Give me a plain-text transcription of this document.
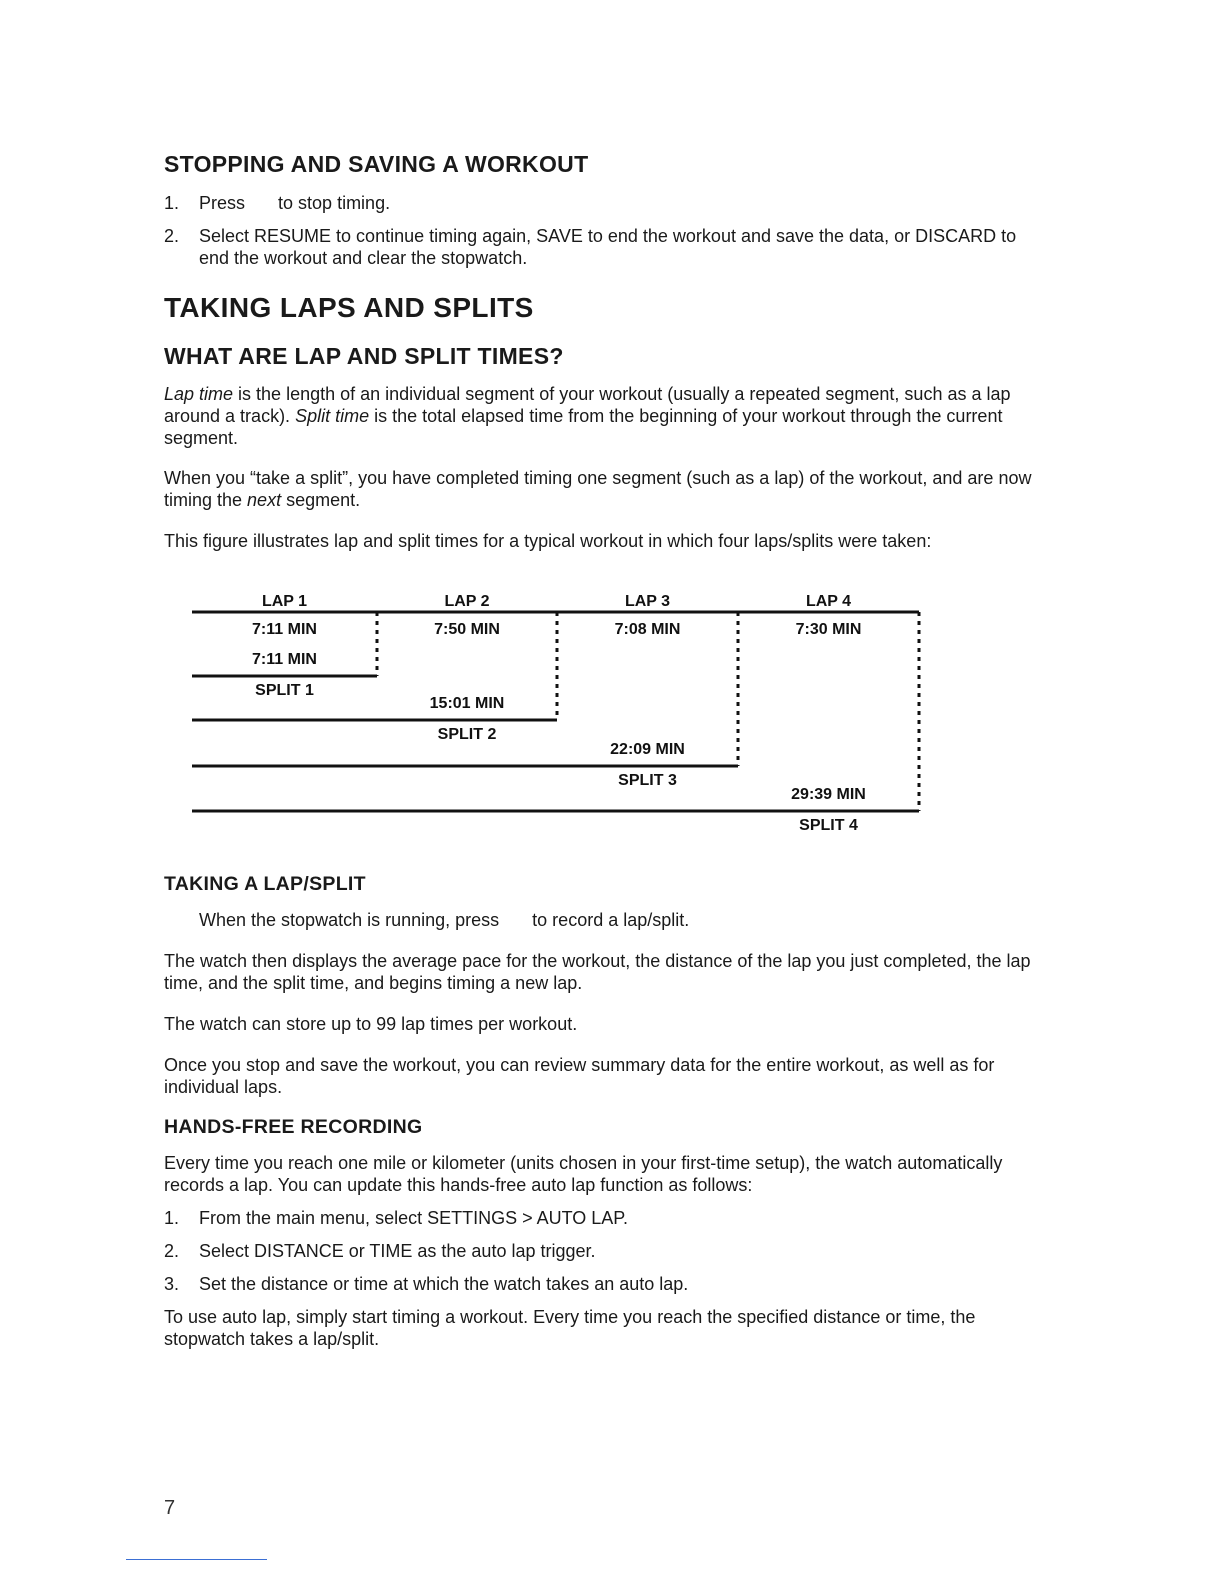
STOPPING AND SAVING A WORKOUT
1. Press to stop timing.
2. Select RESUME to continue timing again, SAVE to end the workout and save the data, or DISCARD to end the workout and clear the stopwatch.
TAKING LAPS AND SPLITS
WHAT ARE LAP AND SPLIT TIMES?

Lap time is the length of an individual segment of your workout (usually a repeated segment, such as a lap around a track). Split time is the total elapsed time from the beginning of your workout through the current segment.

When you “take a split”, you have completed timing one segment (such as a lap) of the workout, and are now timing the next segment.

This figure illustrates lap and split times for a typical workout in which four laps/splits were taken:

LAP 1
7:11 MIN
LAP 2
7:50 MIN
LAP 3
7:08 MIN
LAP 4
7:30 MIN
7:11 MIN
SPLIT 1
15:01 MIN
SPLIT 2
22:09 MIN
SPLIT 3
29:39 MIN
SPLIT 4
TAKING A LAP/SPLIT

When the stopwatch is running, press to record a lap/split.

The watch then displays the average pace for the workout, the distance of the lap you just completed, the lap time, and the split time, and begins timing a new lap.

The watch can store up to 99 lap times per workout.

Once you stop and save the workout, you can review summary data for the entire workout, as well as for individual laps.

HANDS-FREE RECORDING

Every time you reach one mile or kilometer (units chosen in your first-time setup), the watch automatically records a lap. You can update this hands-free auto lap function as follows:

1. From the main menu, select SETTINGS > AUTO LAP.
2. Select DISTANCE or TIME as the auto lap trigger.
3. Set the distance or time at which the watch takes an auto lap.

To use auto lap, simply start timing a workout. Every time you reach the specified distance or time, the stopwatch takes a lap/split.

7
